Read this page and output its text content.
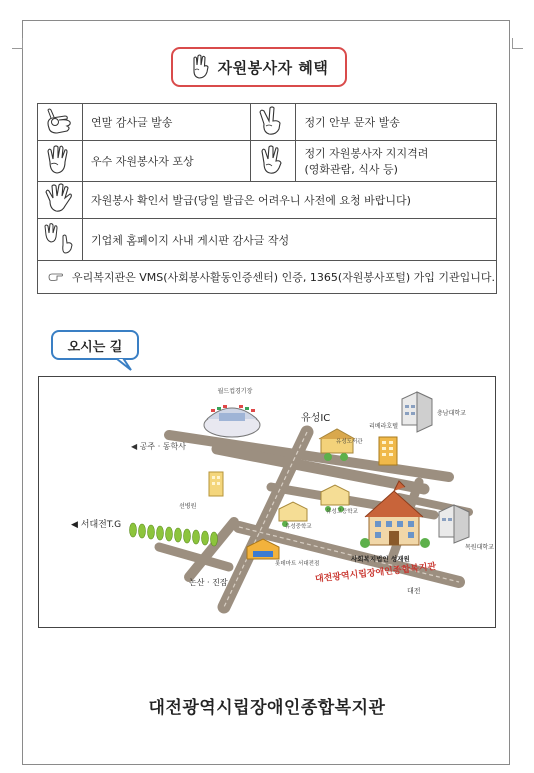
자원봉사자 혜택
	연말 감사글 발송		정기 안부 문자 발송
	우수 자원봉사자 포상		정기 자원봉사자 지지격려
(영화관람, 식사 등)

	자원봉사 확인서 발급(당일 발급은 어려우니 사전에 요청 바랍니다)		
	기업체 홈페이지 사내 게시판 감사글 작성		

우리복지관은 VMS(사회봉사활동인증센터) 인증, 1365(자원봉사포털) 가입 기관입니다.			
오시는 길
월드컵경기장
◀ 공주 · 동학사
유성IC
유성도서관
리베라호텔
충남대학교
선병원
유성고등학교
유성중학교
목원대학교
◀ 서대전T.G
롯데마트 서대전점
논산 · 진잠
사회복지법인 성재원
대전광역시립장애인종합복지관
대전
대전광역시립장애인종합복지관
